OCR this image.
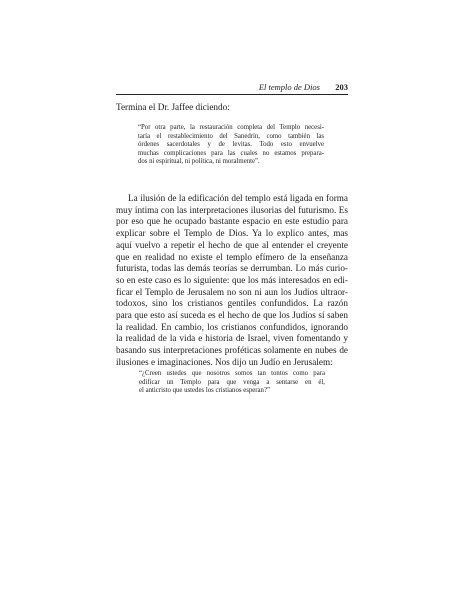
El templo de Dios 203

Termina el Dr. Jaffee diciendo:

“Por otra parte, la restauración completa del Templo necesi-
taría el restablecimiento del Sanedrín, como también las
órdenes sacerdotales y de levitas. Todo esto envuelve
muchas complicaciones para las cuales no estamos prepara-
dos ni espiritual, ni política, ni moralmente”.

La ilusión de la edificación del templo está ligada en forma
muy íntima con las interpretaciones ilusorias del futurismo. Es
por eso que he ocupado bastante espacio en este estudio para
explicar sobre el Templo de Dios. Ya lo explico antes, mas
aquí vuelvo a repetir el hecho de que al entender el creyente
que en realidad no existe el templo efímero de la enseñanza
futurista, todas las demás teorías se derrumban. Lo más curio-
so en este caso es lo siguiente: que los más interesados en edi-
ficar el Templo de Jerusalem no son ni aun los Judíos ultraor-
todoxos, sino los cristianos gentiles confundidos. La razón
para que esto así suceda es el hecho de que los Judíos sí saben
la realidad. En cambio, los cristianos confundidos, ignorando
la realidad de la vida e historia de Israel, viven fomentando y
basando sus interpretaciones proféticas solamente en nubes de
ilusiones e imaginaciones. Nos dijo un Judío en Jerusalem:

“¿Creen ustedes que nosotros somos tan tontos como para
edificar un Templo para que venga a sentarse en él,
el anticristo que ustedes los cristianos esperan?”
